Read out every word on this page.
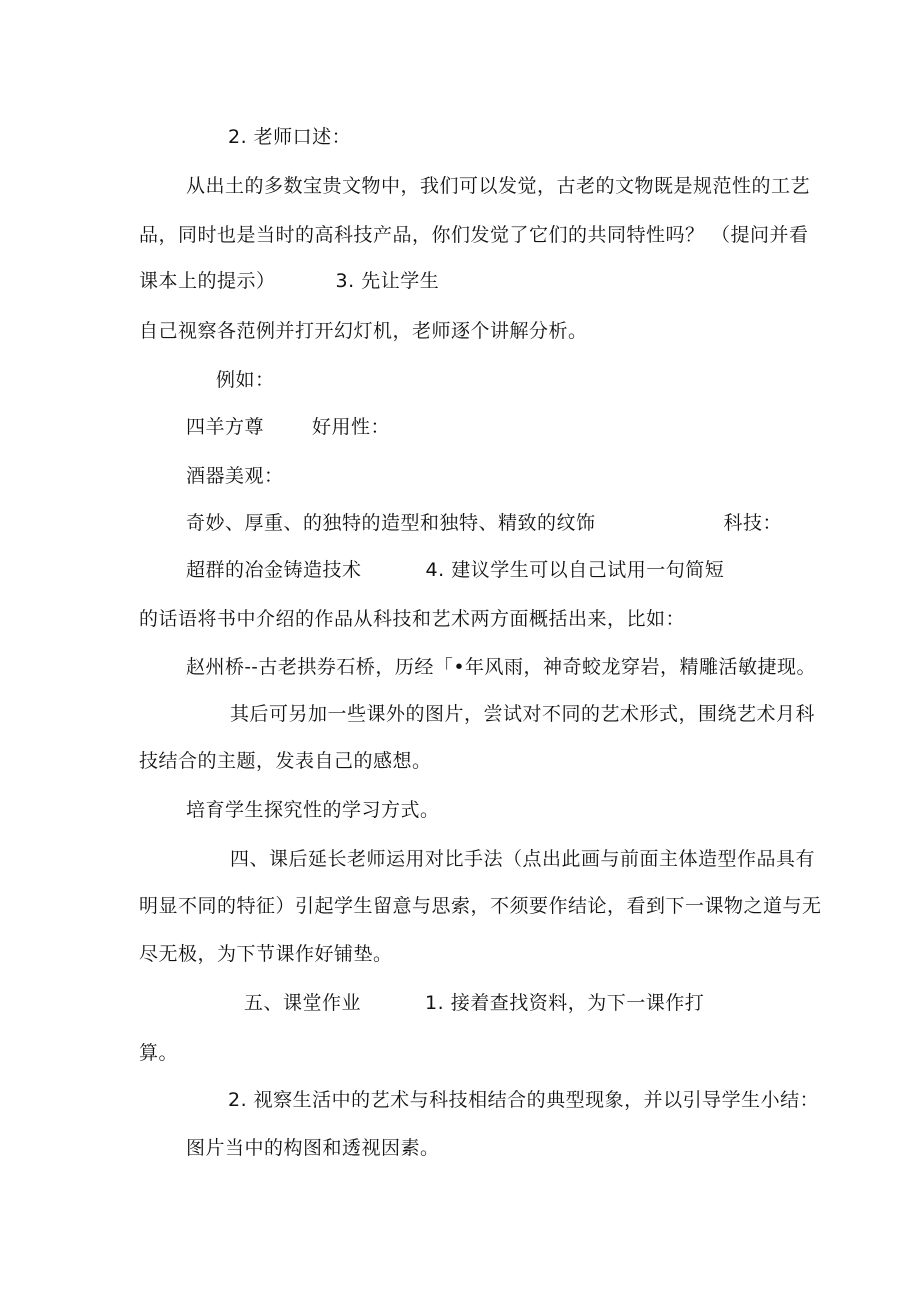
2. 老师口述：
从出土的多数宝贵文物中，我们可以发觉，古老的文物既是规范性的工艺
品，同时也是当时的高科技产品，你们发觉了它们的共同特性吗？ （提问并看
课本上的提示）	3. 先让学生
自己视察各范例并打开幻灯机，老师逐个讲解分析。
例如：
四羊方尊	好用性：
酒器美观：
奇妙、厚重、的独特的造型和独特、精致的纹饰	科技：
超群的冶金铸造技术	4. 建议学生可以自己试用一句简短
的话语将书中介绍的作品从科技和艺术两方面概括出来，比如：
赵州桥--古老拱券石桥，历经「•年风雨，神奇蛟龙穿岩，精雕活敏捷现。
其后可另加一些课外的图片，尝试对不同的艺术形式，围绕艺术月科
技结合的主题，发表自己的感想。
培育学生探究性的学习方式。
四、课后延长老师运用对比手法（点出此画与前面主体造型作品具有
明显不同的特征）引起学生留意与思索，不须要作结论，看到下一课物之道与无
尽无极，为下节课作好铺垫。
五、课堂作业	1. 接着查找资料，为下一课作打
算。
2. 视察生活中的艺术与科技相结合的典型现象，并以引导学生小结：
图片当中的构图和透视因素。
